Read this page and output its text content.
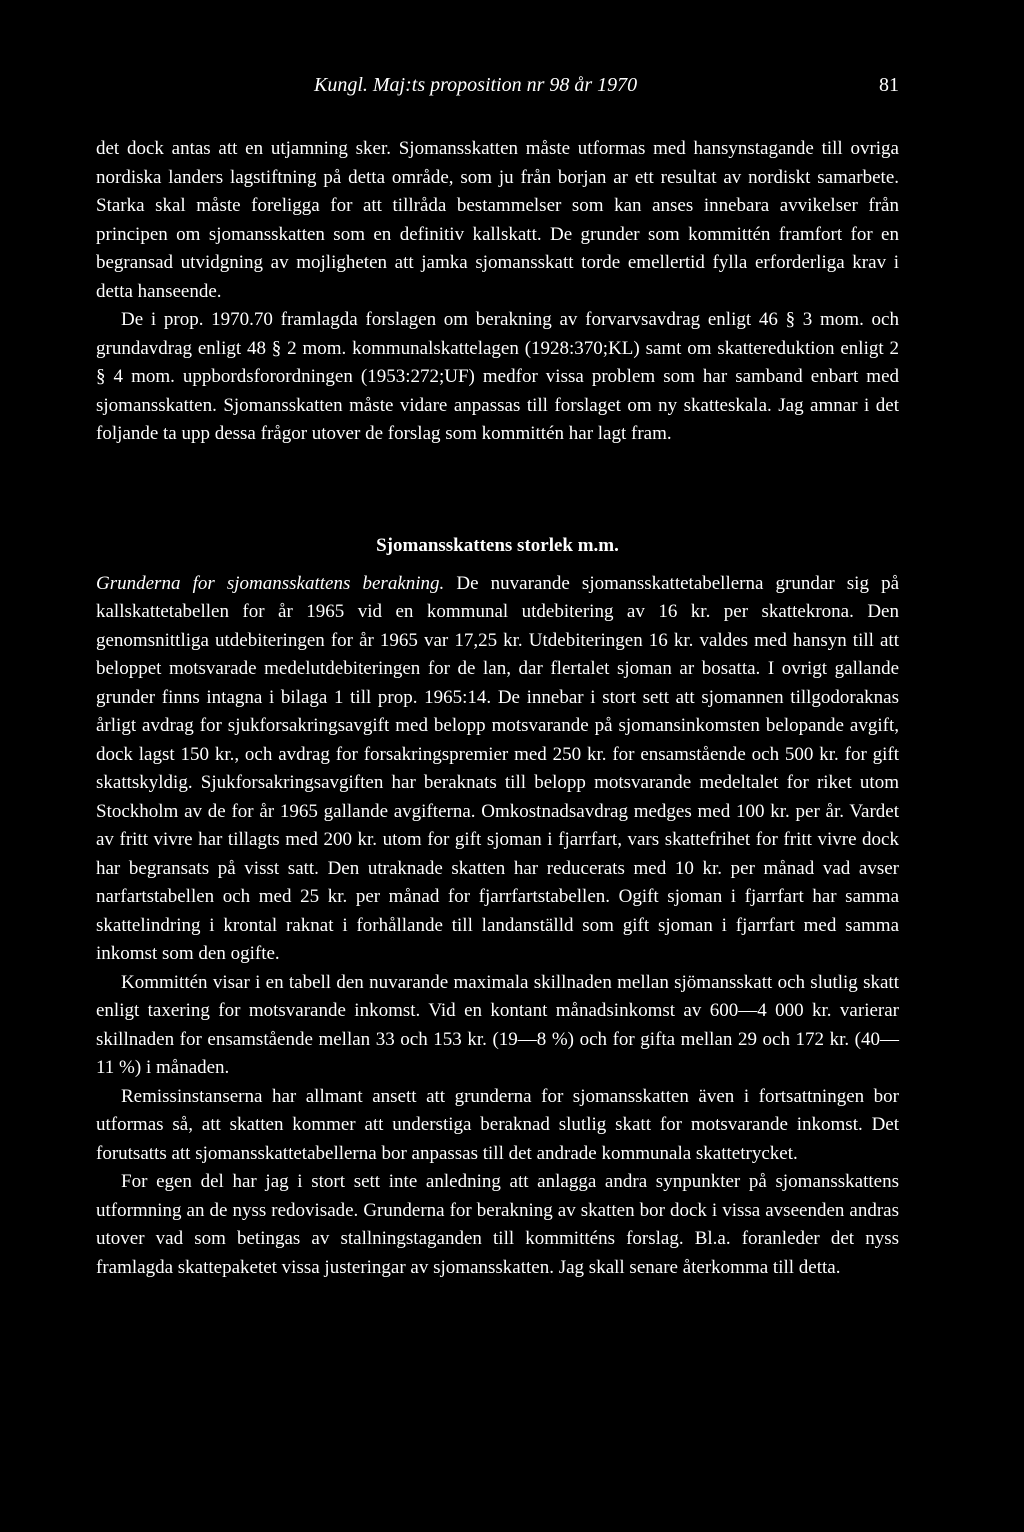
Kungl. Maj:ts proposition nr 98 år 1970	81

det dock antas att en utjamning sker. Sjomansskatten måste utformas med hansynstagande till ovriga nordiska landers lagstiftning på detta område, som ju från borjan ar ett resultat av nordiskt samarbete. Starka skal måste foreligga for att tillråda bestammelser som kan anses innebara avvikelser från principen om sjomansskatten som en definitiv kallskatt. De grunder som kommittén framfort for en begransad utvidgning av mojligheten att jamka sjomansskatt torde emellertid fylla erforderliga krav i detta hanseende.

De i prop. 1970.70 framlagda forslagen om berakning av forvarvsavdrag enligt 46 § 3 mom. och grundavdrag enligt 48 § 2 mom. kommunalskattelagen (1928:370;KL) samt om skattereduktion enligt 2 § 4 mom. uppbordsforordningen (1953:272;UF) medfor vissa problem som har samband enbart med sjomansskatten. Sjomansskatten måste vidare anpassas till forslaget om ny skatteskala. Jag amnar i det foljande ta upp dessa frågor utover de forslag som kommittén har lagt fram.

Sjomansskattens storlek m.m.

Grunderna for sjomansskattens berakning. De nuvarande sjomansskattetabellerna grundar sig på kallskattetabellen for år 1965 vid en kommunal utdebitering av 16 kr. per skattekrona. Den genomsnittliga utdebiteringen for år 1965 var 17,25 kr. Utdebiteringen 16 kr. valdes med hansyn till att beloppet motsvarade medelutdebiteringen for de lan, dar flertalet sjoman ar bosatta. I ovrigt gallande grunder finns intagna i bilaga 1 till prop. 1965:14. De innebar i stort sett att sjomannen tillgodoraknas årligt avdrag for sjukforsakringsavgift med belopp motsvarande på sjomansinkomsten belopande avgift, dock lagst 150 kr., och avdrag for forsakringspremier med 250 kr. for ensamstående och 500 kr. for gift skattskyldig. Sjukforsakringsavgiften har beraknats till belopp motsvarande medeltalet for riket utom Stockholm av de for år 1965 gallande avgifterna. Omkostnadsavdrag medges med 100 kr. per år. Vardet av fritt vivre har tillagts med 200 kr. utom for gift sjoman i fjarrfart, vars skattefrihet for fritt vivre dock har begransats på visst satt. Den utraknade skatten har reducerats med 10 kr. per månad vad avser narfartstabellen och med 25 kr. per månad for fjarrfartstabellen. Ogift sjoman i fjarrfart har samma skattelindring i krontal raknat i forhållande till landanställd som gift sjoman i fjarrfart med samma inkomst som den ogifte.

Kommittén visar i en tabell den nuvarande maximala skillnaden mellan sjömansskatt och slutlig skatt enligt taxering for motsvarande inkomst. Vid en kontant månadsinkomst av 600—4 000 kr. varierar skillnaden for ensamstående mellan 33 och 153 kr. (19—8 %) och for gifta mellan 29 och 172 kr. (40—11 %) i månaden.

Remissinstanserna har allmant ansett att grunderna for sjomansskatten även i fortsattningen bor utformas så, att skatten kommer att understiga beraknad slutlig skatt for motsvarande inkomst. Det forutsatts att sjomansskattetabellerna bor anpassas till det andrade kommunala skattetrycket.

For egen del har jag i stort sett inte anledning att anlagga andra synpunkter på sjomansskattens utformning an de nyss redovisade. Grunderna for berakning av skatten bor dock i vissa avseenden andras utover vad som betingas av stallningstaganden till kommitténs forslag. Bl.a. foranleder det nyss framlagda skattepaketet vissa justeringar av sjomansskatten. Jag skall senare återkomma till detta.
